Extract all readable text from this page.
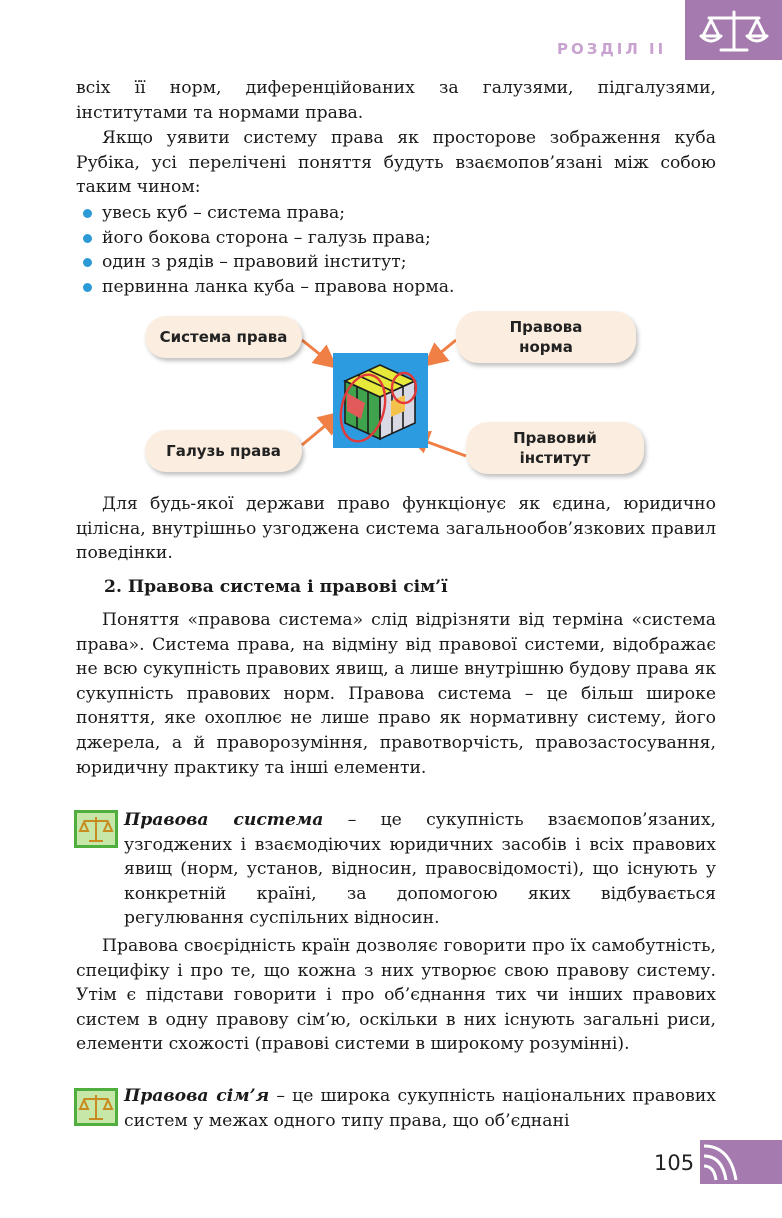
РОЗДІЛ II

всіх її норм, диференційованих за галузями, підгалузями, інститутами та нормами права.

Якщо уявити систему права як просторове зображення куба Рубіка, усі перелічені поняття будуть взаємопов’язані між собою таким чином:

увесь куб – система права;
його бокова сторона – галузь права;
один з рядів – правовий інститут;
первинна ланка куба – правова норма.
Система права
Галузь права
Правова норма
Правовий інститут

Для будь-якої держави право функціонує як єдина, юридично цілісна, внутрішньо узгоджена система загальнообов’язкових правил поведінки.

2. Правова система і правові сім’ї

Поняття «правова система» слід відрізняти від терміна «система права». Система права, на відміну від правової системи, відображає не всю сукупність правових явищ, а лише внутрішню будову права як сукупність правових норм. Правова система – це більш широке поняття, яке охоплює не лише право як нормативну систему, його джерела, а й праворозуміння, правотворчість, правозастосування, юридичну практику та інші елементи.

Правова система – це сукупність взаємопов’язаних, узгоджених і взаємодіючих юридичних засобів і всіх правових явищ (норм, установ, відносин, правосвідомості), що існують у конкретній країні, за допомогою яких відбувається регулювання суспільних відносин.

Правова своєрідність країн дозволяє говорити про їх самобутність, специфіку і про те, що кожна з них утворює свою правову систему. Утім є підстави говорити і про об’єднання тих чи інших правових систем в одну правову сім’ю, оскільки в них існують загальні риси, елементи схожості (правові системи в широкому розумінні).

Правова сім’я – це широка сукупність національних правових систем у межах одного типу права, що об’єднані

105
